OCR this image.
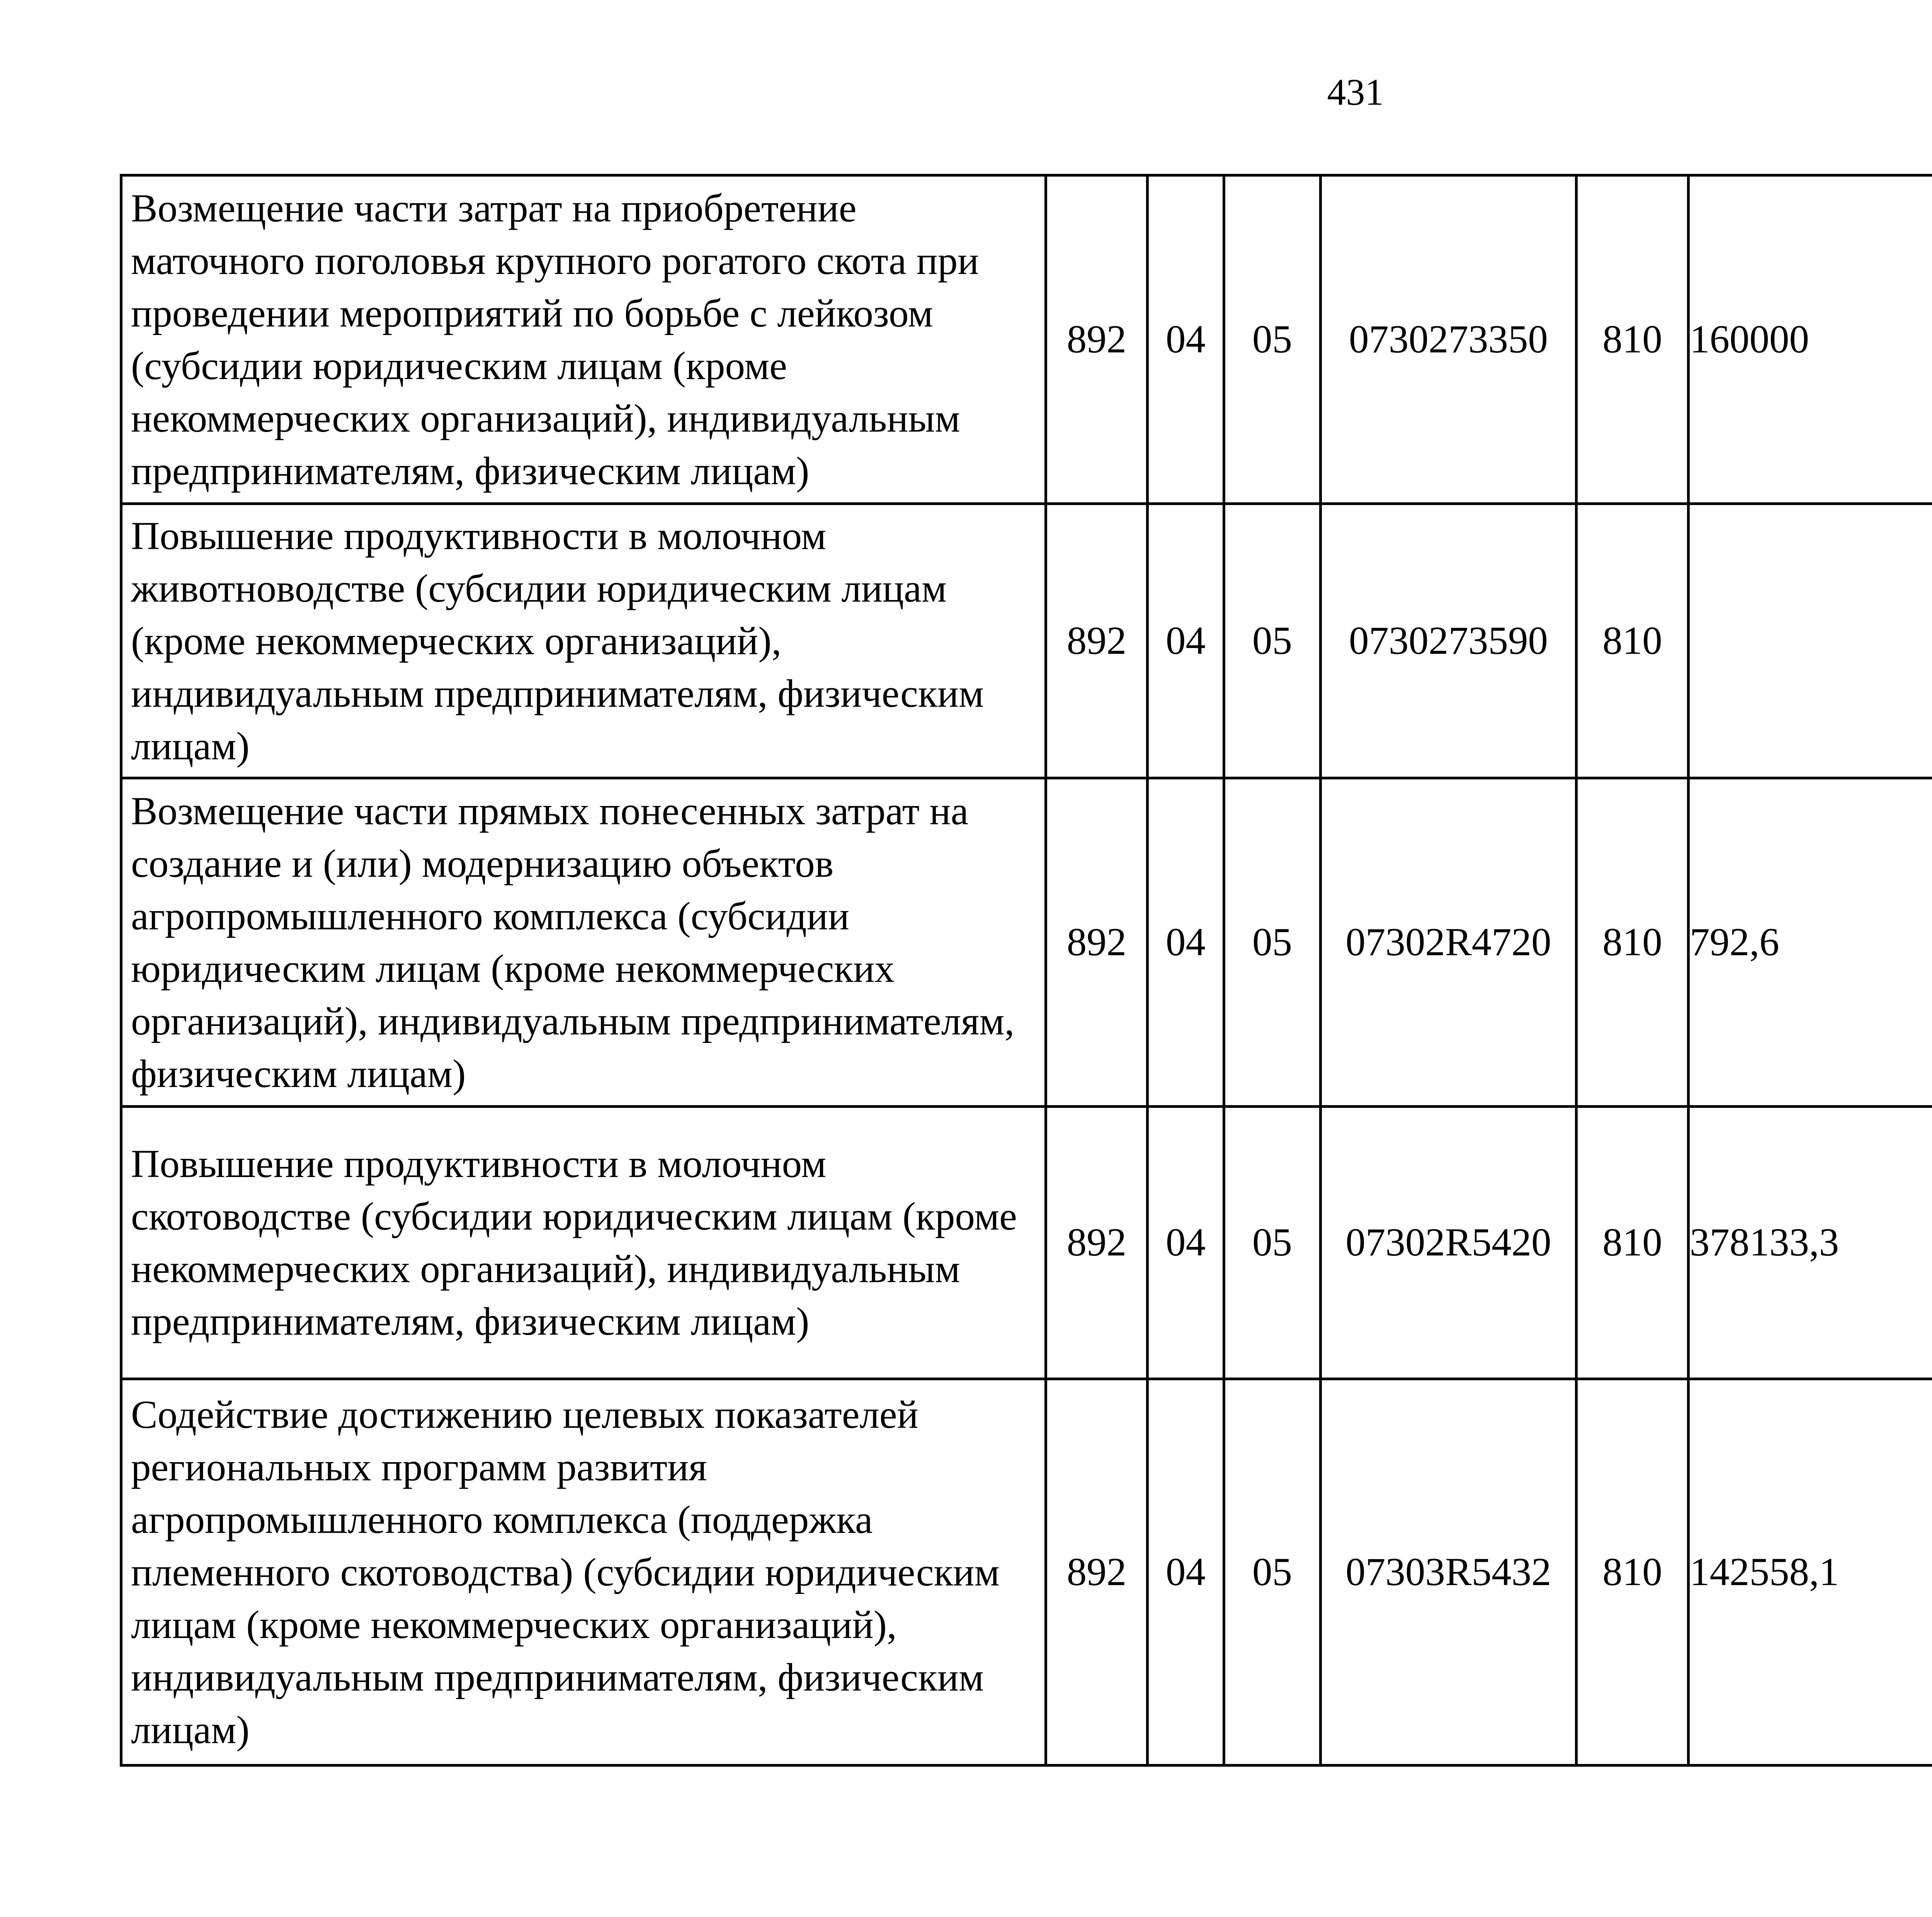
431
Возмещение части затрат на приобретение маточного поголовья крупного рогатого скота при проведении мероприятий по борьбе с лейкозом (субсидии юридическим лицам (кроме некоммерческих организаций), индивидуальным предпринимателям, физическим лицам)	892	04	05	0730273350	810	160000		
Повышение продуктивности в молочном животноводстве (субсидии юридическим лицам (кроме некоммерческих организаций), индивидуальным предпринимателям, физическим лицам)	892	04	05	0730273590	810			
Возмещение части прямых понесенных затрат на создание и (или) модернизацию объектов агропромышленного комплекса (субсидии юридическим лицам (кроме некоммерческих организаций), индивидуальным предпринимателям, физическим лицам)	892	04	05	07302R4720	810	792,6		
Повышение продуктивности в молочном скотоводстве (субсидии юридическим лицам (кроме некоммерческих организаций), индивидуальным предпринимателям, физическим лицам)	892	04	05	07302R5420	810	378133,3		
Содействие достижению целевых показателей региональных программ развития агропромышленного комплекса (поддержка племенного скотоводства) (субсидии юридическим лицам (кроме некоммерческих организаций), индивидуальным предпринимателям, физическим лицам)	892	04	05	07303R5432	810	142558,1		
